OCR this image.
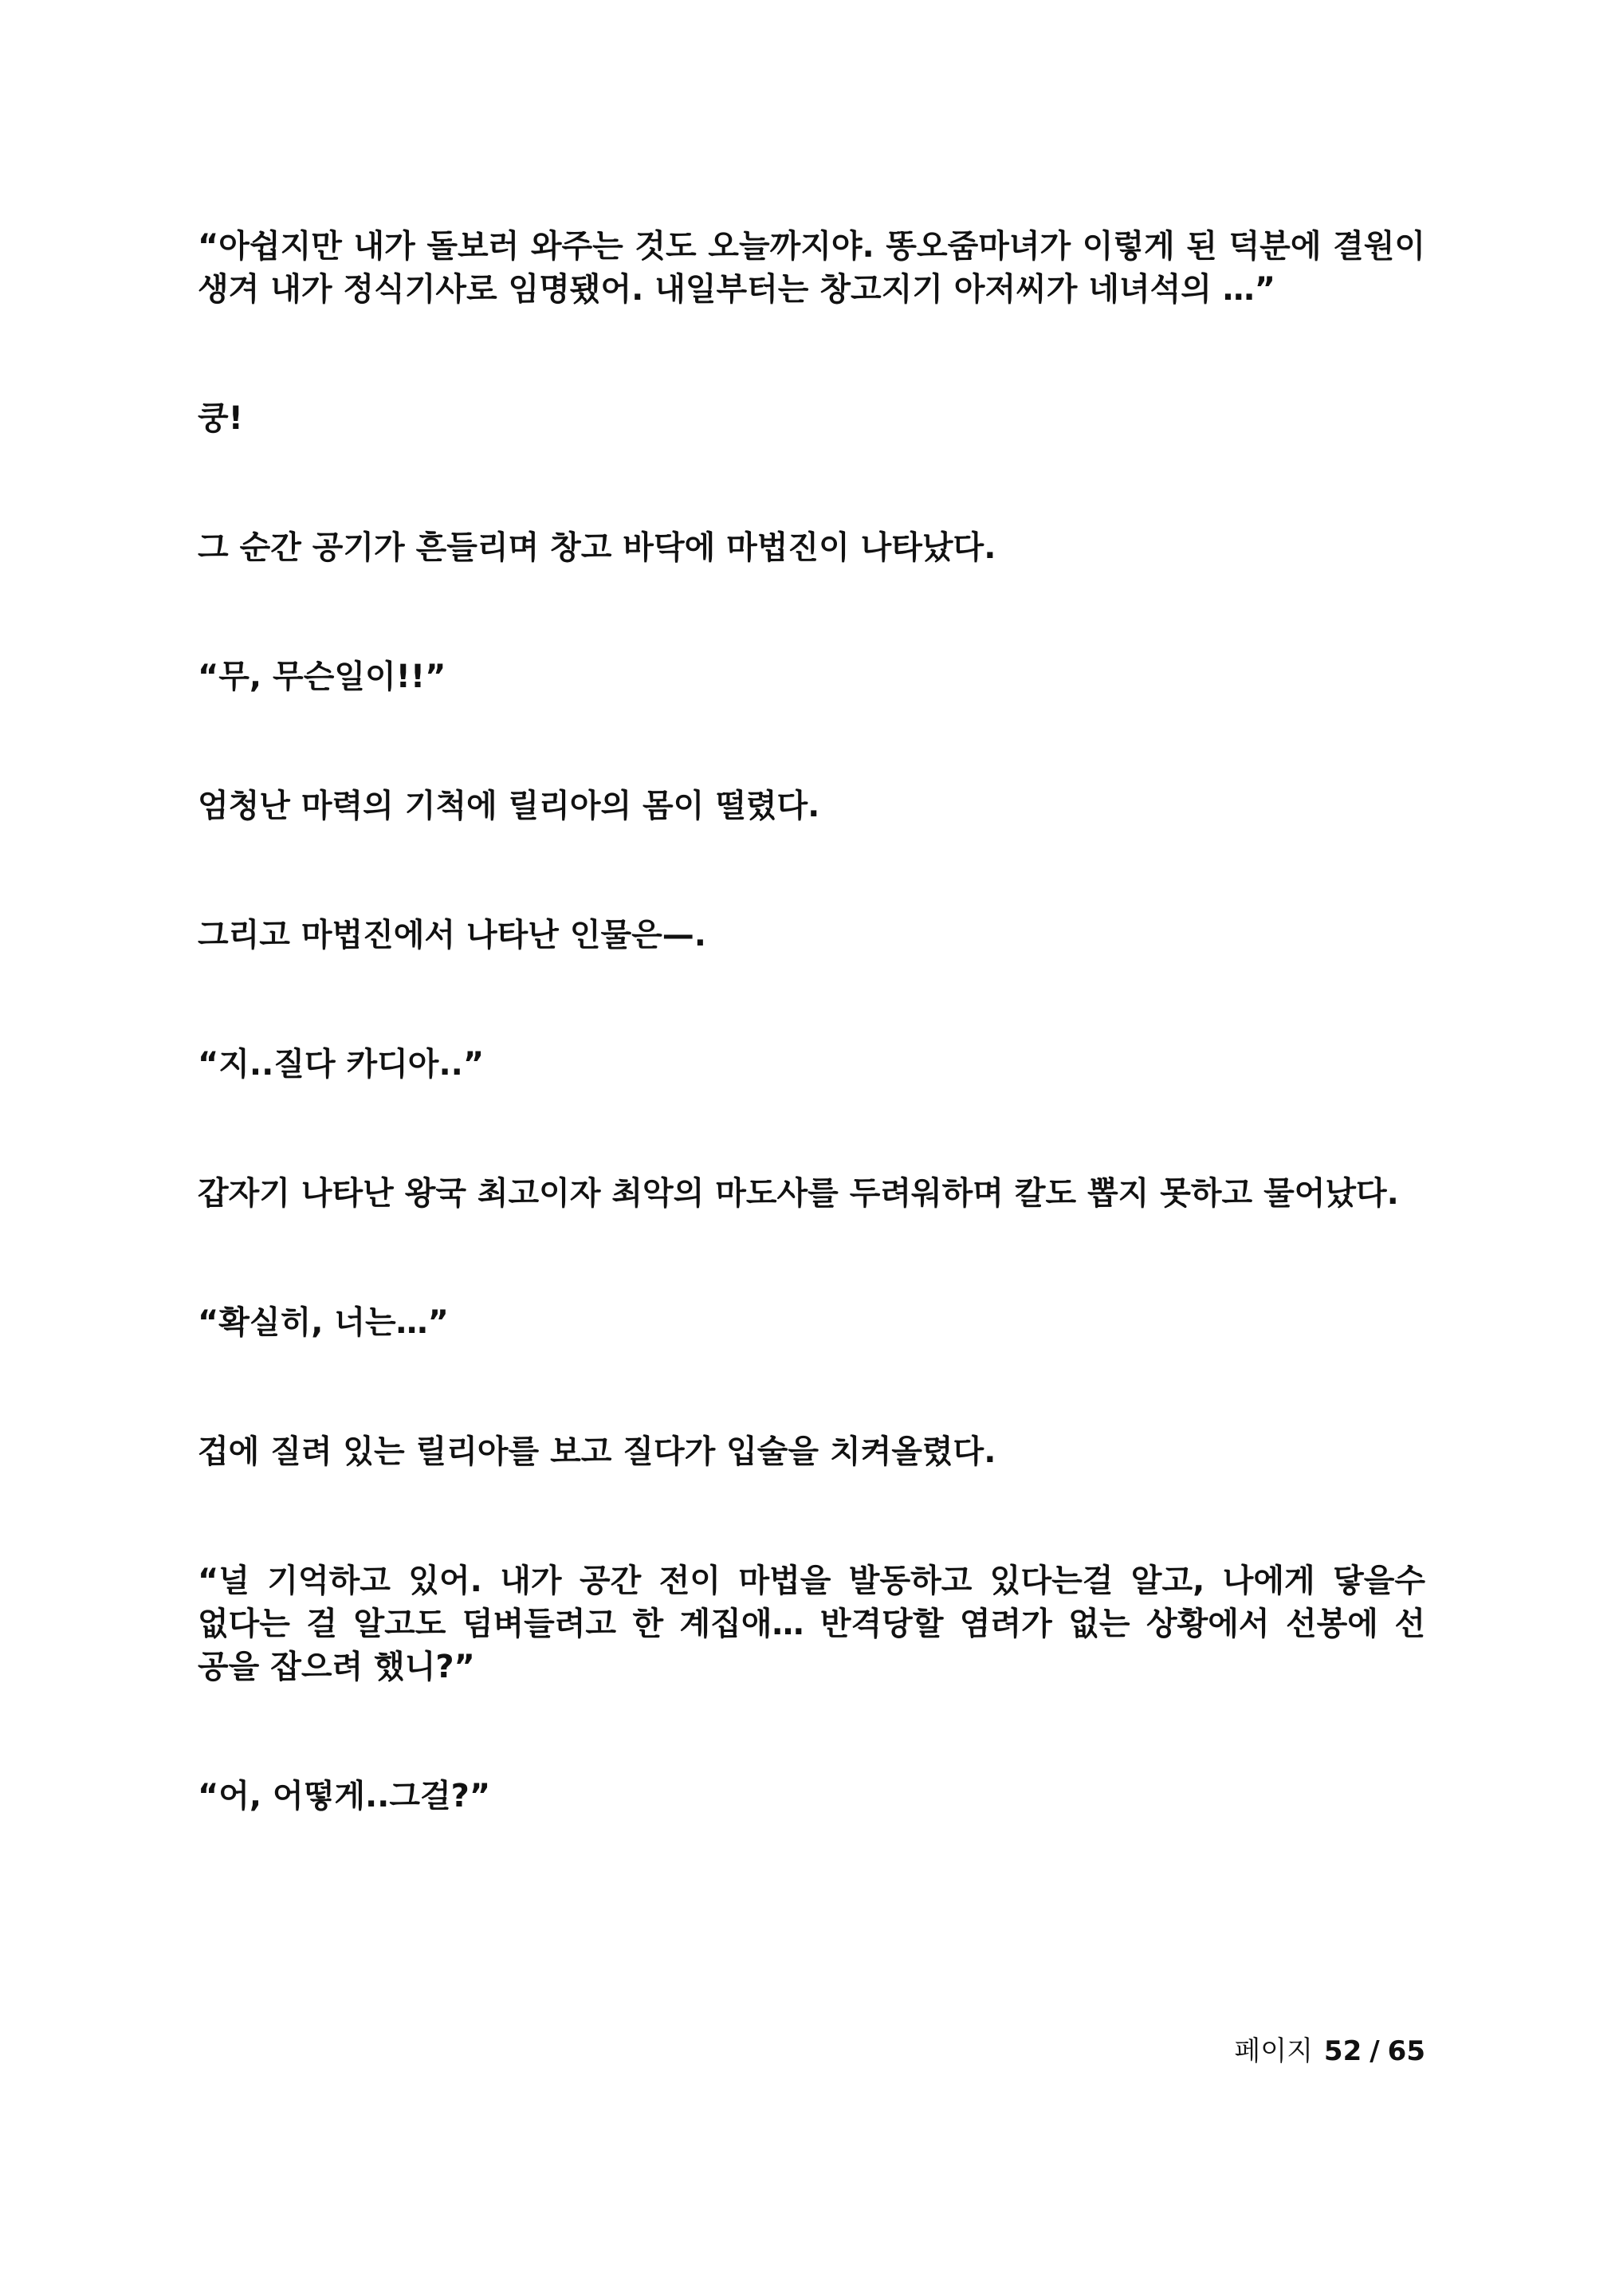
“아쉽지만 내가 돌보러 와주는 것도 오늘까지야. 똥오줌마녀가 이렇게 된 덕분에 결원이 생겨 내가 정식기사로 임명됐어. 내일부터는 창고지기 아저씨가 네녀석의 …”

쿵!

그 순간 공기가 흔들리며 창고 바닥에 마법진이 나타났다.

“무, 무슨일이!!”

엄청난 마력의 기척에 릴리아의 몸이 떨렸다.

그리고 마법진에서 나타난 인물은—.

“지..질다 카디아..”

갑자기 나타난 왕국 최고이자 최악의 마도사를 두려워하며 칼도 뽑지 못하고 물어났다.

“확실히, 너는…”

겁에 질려 있는 릴리아를 보고 질다가 입술을 치켜올렸다.

“널 기억하고 있어. 내가 공간 전이 마법을 발동하고 있다는걸 알고, 나에게 닿을수 없다는 걸 알고도 덤벼들려고 한 계집애… 반격당할 염려가 없는 상황에서 선봉에 선 공을 잡으려 했니?”

“어, 어떻게..그걸?”

페이지 52 / 65
